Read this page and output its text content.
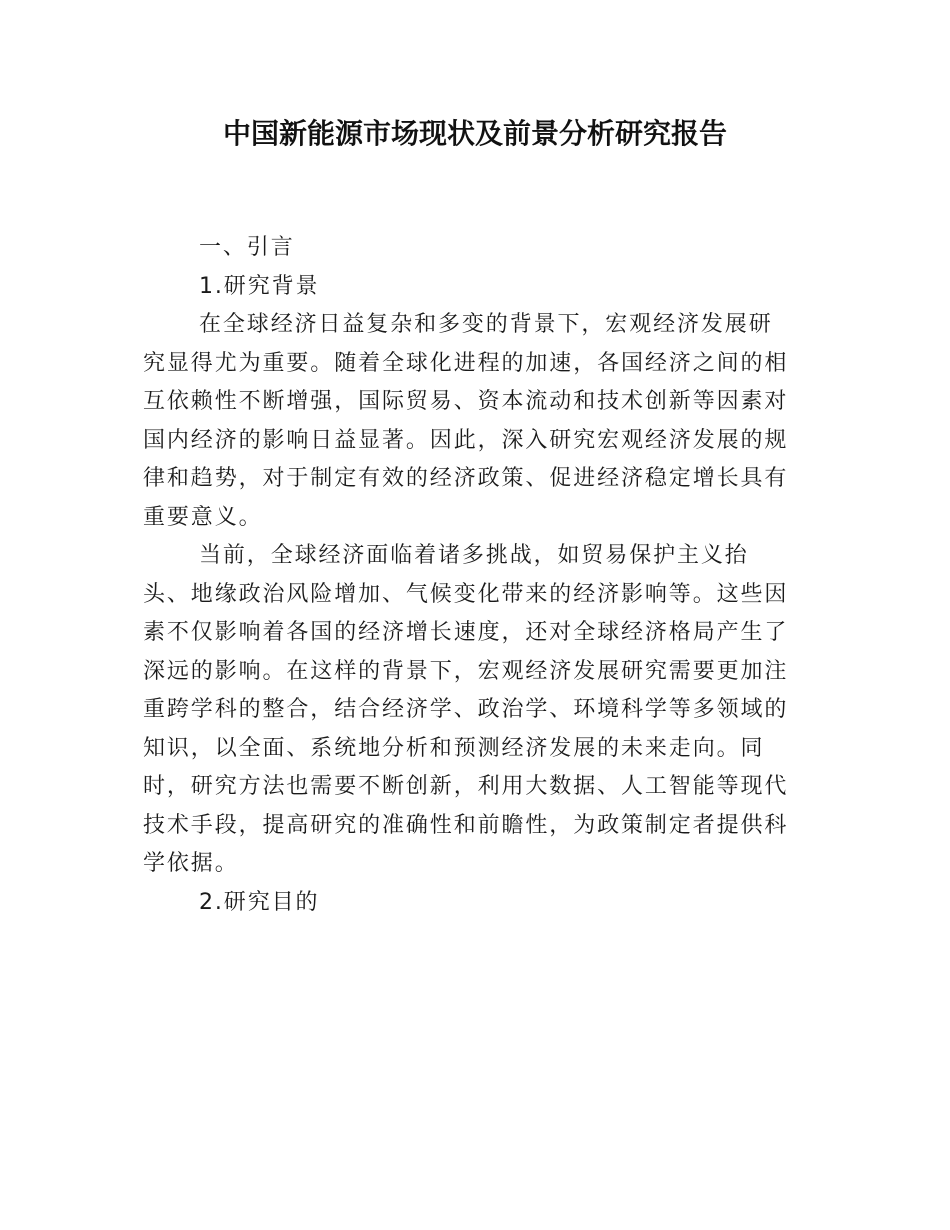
中国新能源市场现状及前景分析研究报告

一、引言

1.研究背景

在全球经济日益复杂和多变的背景下，宏观经济发展研

究显得尤为重要。随着全球化进程的加速，各国经济之间的相

互依赖性不断增强，国际贸易、资本流动和技术创新等因素对

国内经济的影响日益显著。因此，深入研究宏观经济发展的规

律和趋势，对于制定有效的经济政策、促进经济稳定增长具有

重要意义。

当前，全球经济面临着诸多挑战，如贸易保护主义抬

头、地缘政治风险增加、气候变化带来的经济影响等。这些因

素不仅影响着各国的经济增长速度，还对全球经济格局产生了

深远的影响。在这样的背景下，宏观经济发展研究需要更加注

重跨学科的整合，结合经济学、政治学、环境科学等多领域的

知识，以全面、系统地分析和预测经济发展的未来走向。同

时，研究方法也需要不断创新，利用大数据、人工智能等现代

技术手段，提高研究的准确性和前瞻性，为政策制定者提供科

学依据。

2.研究目的
